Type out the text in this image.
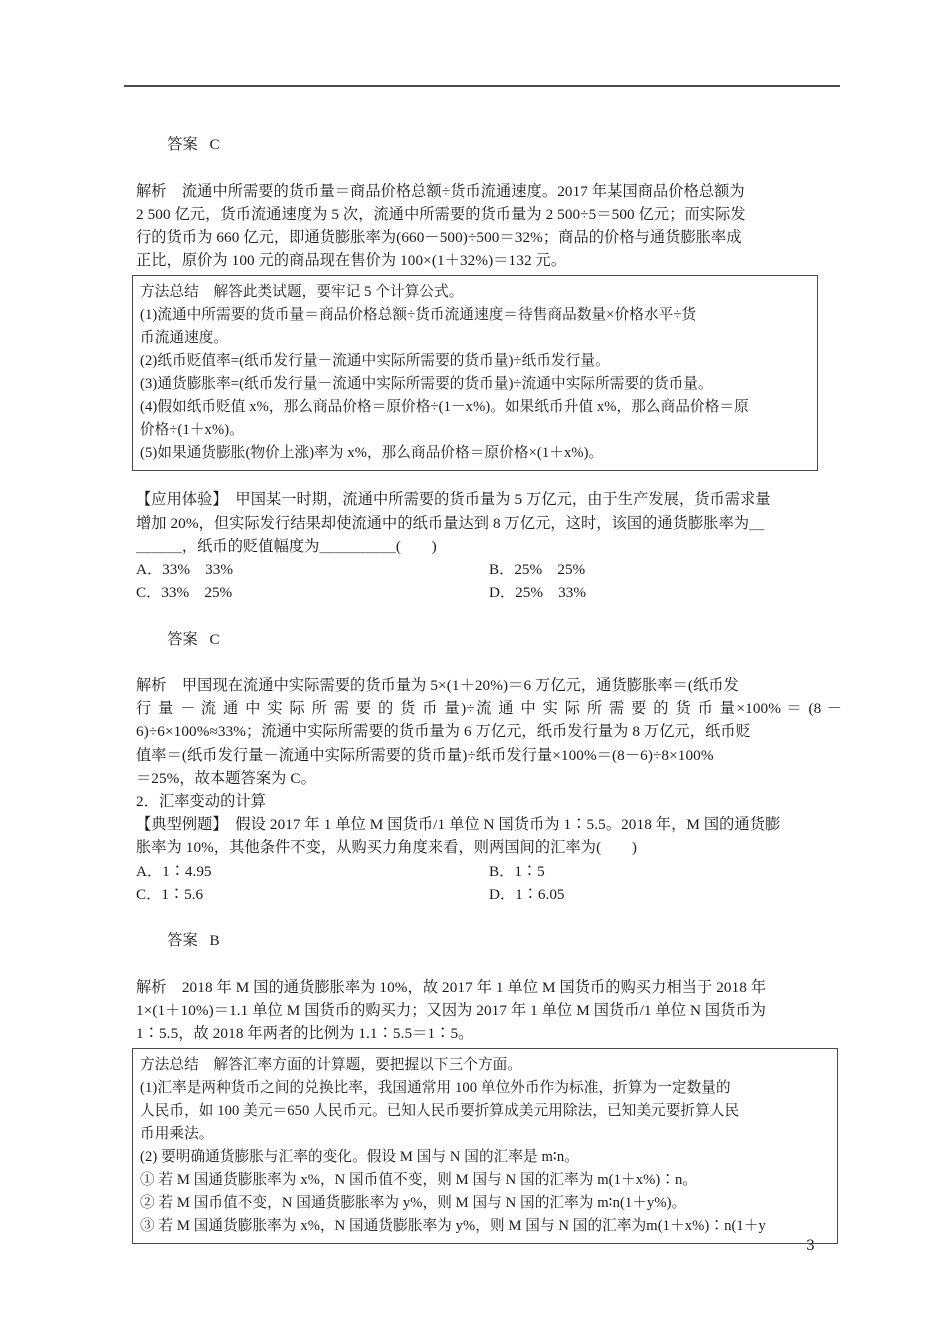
答案 C

解析　流通中所需要的货币量＝商品价格总额÷货币流通速度。2017 年某国商品价格总额为
2 500 亿元，货币流通速度为 5 次，流通中所需要的货币量为 2 500÷5＝500 亿元；而实际发
行的货币为 660 亿元，即通货膨胀率为(660－500)÷500＝32%；商品的价格与通货膨胀率成
正比，原价为 100 元的商品现在售价为 100×(1＋32%)＝132 元。
方法总结　解答此类试题，要牢记 5 个计算公式。
(1)流通中所需要的货币量＝商品价格总额÷货币流通速度＝待售商品数量×价格水平÷货
币流通速度。
(2)纸币贬值率=(纸币发行量－流通中实际所需要的货币量)÷纸币发行量。
(3)通货膨胀率=(纸币发行量－流通中实际所需要的货币量)÷流通中实际所需要的货币量。
(4)假如纸币贬值 x%，那么商品价格＝原价格÷(1－x%)。如果纸币升值 x%，那么商品价格＝原
价格÷(1＋x%)。
(5)如果通货膨胀(物价上涨)率为 x%，那么商品价格＝原价格×(1＋x%)。
【应用体验】　甲国某一时期，流通中所需要的货币量为 5 万亿元，由于生产发展，货币需求量
增加 20%，但实际发行结果却使流通中的纸币量达到 8 万亿元，这时，该国的通货膨胀率为＿
＿＿＿，纸币的贬值幅度为＿＿＿＿＿(　　)
A．33%　33%	B．25%　25%
C．33%　25%	D．25%　33%

答案 C

解析　甲国现在流通中实际需要的货币量为 5×(1＋20%)＝6 万亿元，通货膨胀率＝(纸币发
行 量 － 流 通 中 实 际 所 需 要 的 货 币 量)÷流 通 中 实 际 所 需 要 的 货 币 量×100% ＝ (8 －
6)÷6×100%≈33%；流通中实际所需要的货币量为 6 万亿元，纸币发行量为 8 万亿元，纸币贬
值率＝(纸币发行量－流通中实际所需要的货币量)÷纸币发行量×100%＝(8－6)÷8×100%
＝25%，故本题答案为 C。
2．汇率变动的计算
【典型例题】　假设 2017 年 1 单位 M 国货币/1 单位 N 国货币为 1∶5.5。2018 年，M 国的通货膨
胀率为 10%，其他条件不变，从购买力角度来看，则两国间的汇率为(　　)
A．1∶4.95	B．1∶5
C．1∶5.6	D．1∶6.05

答案 B

解析　2018 年 M 国的通货膨胀率为 10%，故 2017 年 1 单位 M 国货币的购买力相当于 2018 年
1×(1＋10%)＝1.1 单位 M 国货币的购买力；又因为 2017 年 1 单位 M 国货币/1 单位 N 国货币为
1∶5.5，故 2018 年两者的比例为 1.1∶5.5＝1∶5。
方法总结　解答汇率方面的计算题，要把握以下三个方面。
(1)汇率是两种货币之间的兑换比率，我国通常用 100 单位外币作为标准，折算为一定数量的
人民币，如 100 美元＝650 人民币元。已知人民币要折算成美元用除法，已知美元要折算人民
币用乘法。
(2) 要明确通货膨胀与汇率的变化。假设 M 国与 N 国的汇率是 m∶n。
① 若 M 国通货膨胀率为 x%，N 国币值不变，则 M 国与 N 国的汇率为 m(1＋x%)∶n。
② 若 M 国币值不变，N 国通货膨胀率为 y%，则 M 国与 N 国的汇率为 m∶n(1＋y%)。
③ 若 M 国通货膨胀率为 x%，N 国通货膨胀率为 y%，则 M 国与 N 国的汇率为m(1＋x%)∶n(1＋y
3
